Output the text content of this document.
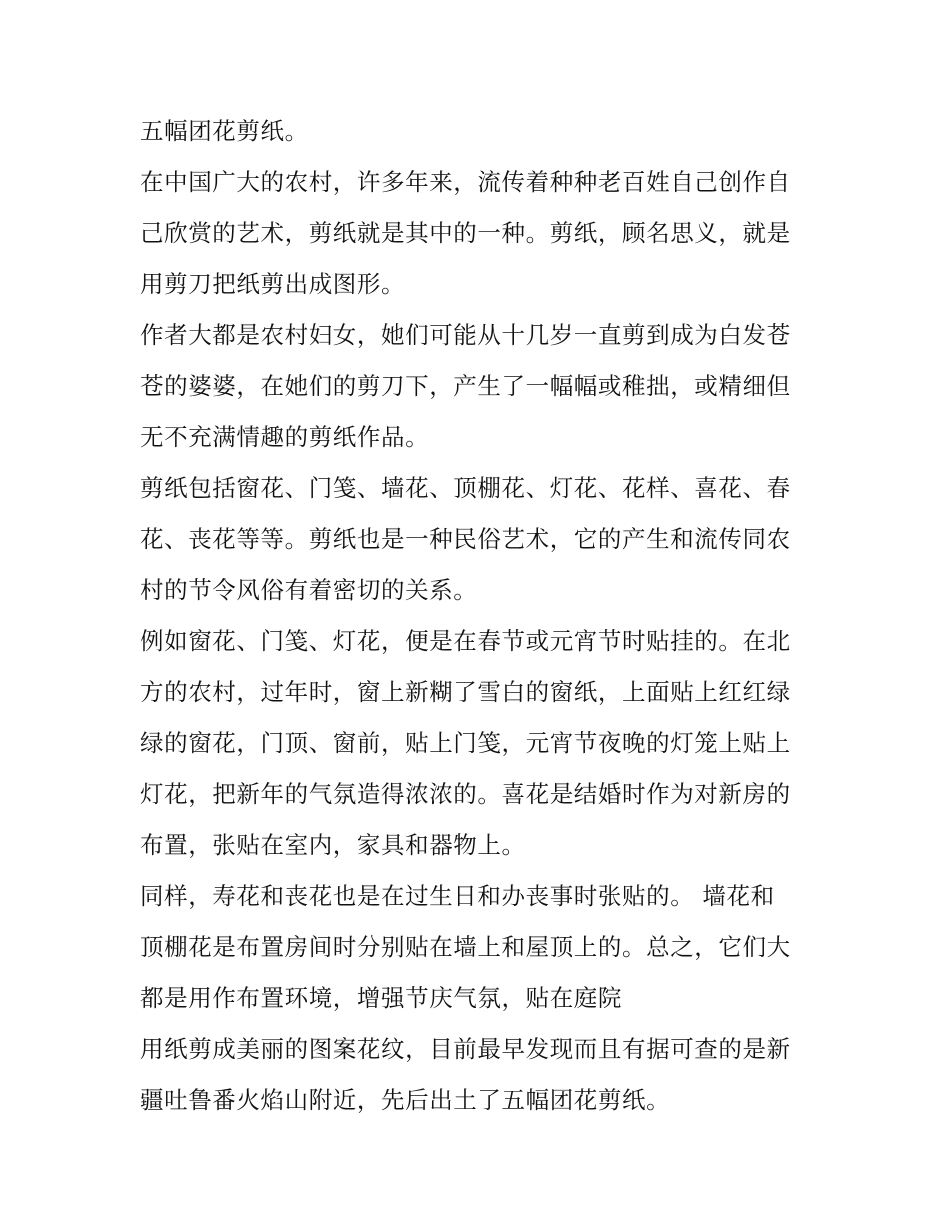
五幅团花剪纸。

在中国广大的农村，许多年来，流传着种种老百姓自己创作自
己欣赏的艺术，剪纸就是其中的一种。剪纸，顾名思义，就是
用剪刀把纸剪出成图形。

作者大都是农村妇女，她们可能从十几岁一直剪到成为白发苍
苍的婆婆，在她们的剪刀下，产生了一幅幅或稚拙，或精细但
无不充满情趣的剪纸作品。

剪纸包括窗花、门笺、墙花、顶棚花、灯花、花样、喜花、春
花、丧花等等。剪纸也是一种民俗艺术，它的产生和流传同农
村的节令风俗有着密切的关系。

例如窗花、门笺、灯花，便是在春节或元宵节时贴挂的。在北
方的农村，过年时，窗上新糊了雪白的窗纸，上面贴上红红绿
绿的窗花，门顶、窗前，贴上门笺，元宵节夜晚的灯笼上贴上
灯花，把新年的气氛造得浓浓的。喜花是结婚时作为对新房的
布置，张贴在室内，家具和器物上。

同样，寿花和丧花也是在过生日和办丧事时张贴的。 墙花和
顶棚花是布置房间时分别贴在墙上和屋顶上的。总之，它们大
都是用作布置环境，增强节庆气氛，贴在庭院

用纸剪成美丽的图案花纹，目前最早发现而且有据可查的是新
疆吐鲁番火焰山附近，先后出土了五幅团花剪纸。
